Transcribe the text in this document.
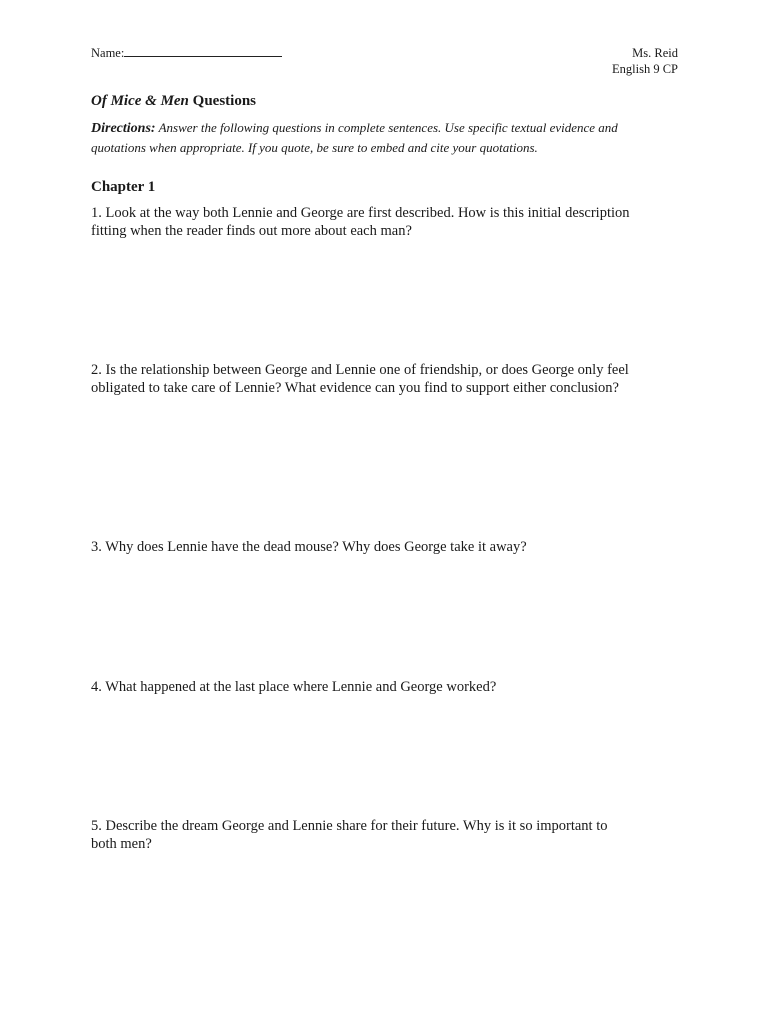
Name:	Ms. Reid
English 9 CP
Of Mice & Men Questions
Directions: Answer the following questions in complete sentences. Use specific textual evidence and quotations when appropriate. If you quote, be sure to embed and cite your quotations.
Chapter 1
1. Look at the way both Lennie and George are first described. How is this initial description fitting when the reader finds out more about each man?
2. Is the relationship between George and Lennie one of friendship, or does George only feel obligated to take care of Lennie? What evidence can you find to support either conclusion?
3. Why does Lennie have the dead mouse? Why does George take it away?
4. What happened at the last place where Lennie and George worked?
5. Describe the dream George and Lennie share for their future. Why is it so important to both men?
